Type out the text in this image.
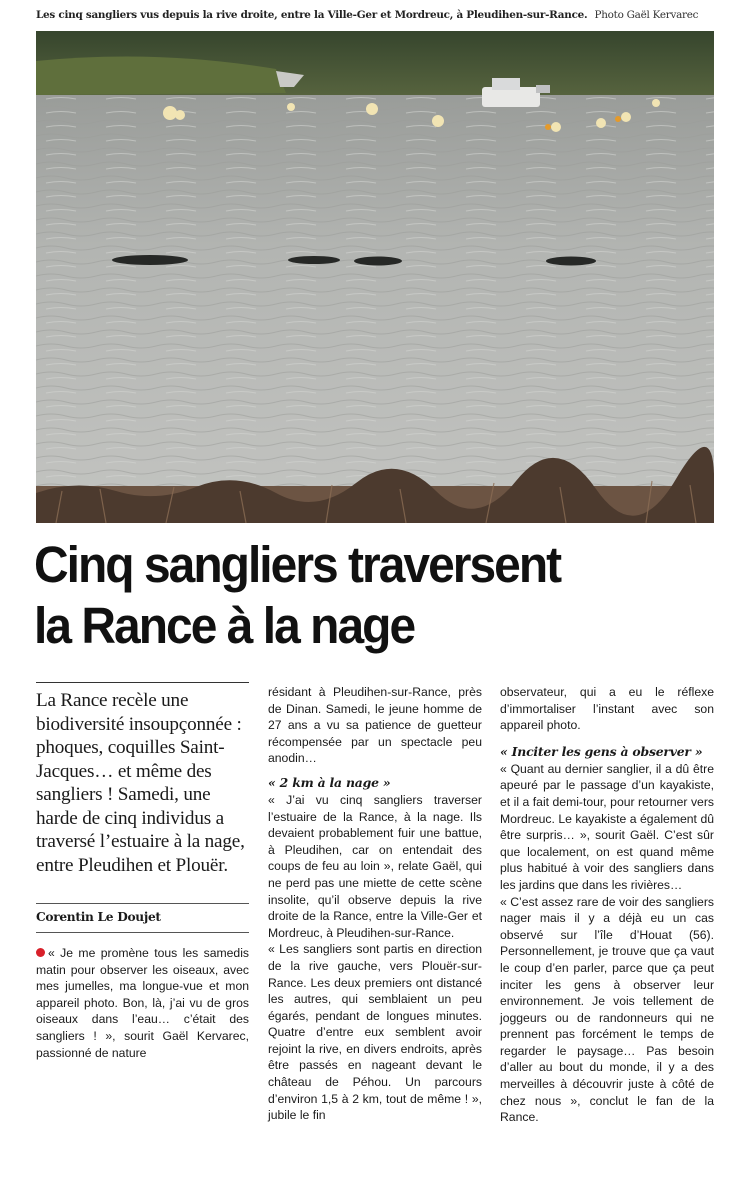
Les cinq sangliers vus depuis la rive droite, entre la Ville-Ger et Mordreuc, à Pleudihen-sur-Rance. Photo Gaël Kervarec
Cinq sangliers traversent
la Rance à la nage

La Rance recèle une biodiversité insoupçonnée : phoques, coquilles Saint-Jacques… et même des sangliers ! Samedi, une harde de cinq individus a traversé l’estuaire à la nage, entre Pleudihen et Plouër.

Corentin Le Doujet

« Je me promène tous les samedis matin pour observer les oiseaux, avec mes jumelles, ma longue-vue et mon appareil photo. Bon, là, j’ai vu de gros oiseaux dans l’eau… c’était des sangliers ! », sourit Gaël Kervarec, passionné de nature

résidant à Pleudihen-sur-Rance, près de Dinan. Samedi, le jeune homme de 27 ans a vu sa patience de guetteur récompensée par un spectacle peu anodin…

« 2 km à la nage »

« J’ai vu cinq sangliers traverser l’estuaire de la Rance, à la nage. Ils devaient probablement fuir une battue, à Pleudihen, car on entendait des coups de feu au loin », relate Gaël, qui ne perd pas une miette de cette scène insolite, qu’il observe depuis la rive droite de la Rance, entre la Ville-Ger et Mordreuc, à Pleudihen-sur-Rance.

« Les sangliers sont partis en direction de la rive gauche, vers Plouër-sur-Rance. Les deux premiers ont distancé les autres, qui semblaient un peu égarés, pendant de longues minutes. Quatre d’entre eux semblent avoir rejoint la rive, en divers endroits, après être passés en nageant devant le château de Péhou. Un parcours d’environ 1,5 à 2 km, tout de même ! », jubile le fin

observateur, qui a eu le réflexe d’immortaliser l’instant avec son appareil photo.

« Inciter les gens à observer »

« Quant au dernier sanglier, il a dû être apeuré par le passage d’un kayakiste, et il a fait demi-tour, pour retourner vers Mordreuc. Le kayakiste a également dû être surpris… », sourit Gaël. C’est sûr que localement, on est quand même plus habitué à voir des sangliers dans les jardins que dans les rivières…

« C’est assez rare de voir des sangliers nager mais il y a déjà eu un cas observé sur l’île d’Houat (56). Personnellement, je trouve que ça vaut le coup d’en parler, parce que ça peut inciter les gens à observer leur environnement. Je vois tellement de joggeurs ou de randonneurs qui ne prennent pas forcément le temps de regarder le paysage… Pas besoin d’aller au bout du monde, il y a des merveilles à découvrir juste à côté de chez nous », conclut le fan de la Rance.
